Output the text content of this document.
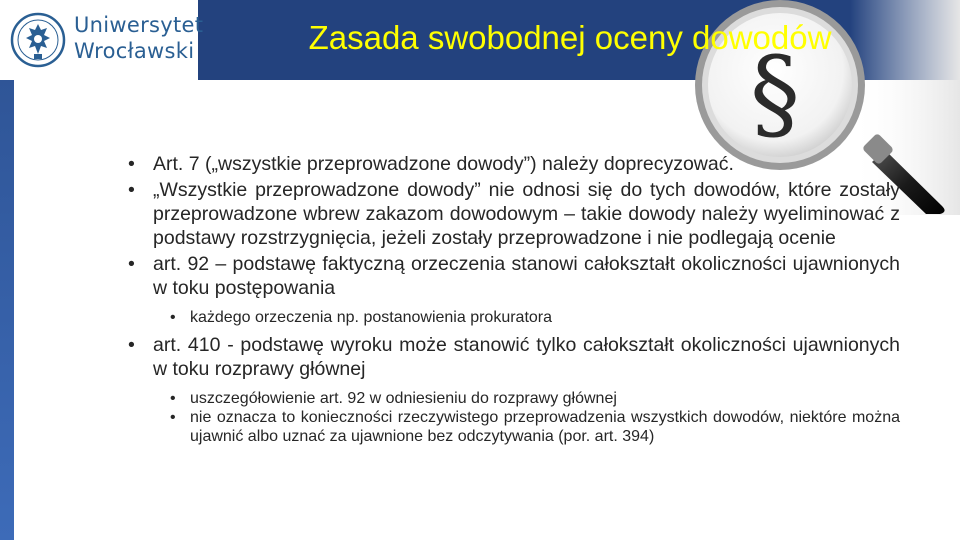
Uniwersytet
Wrocławski	§
Zasada swobodnej oceny dowodów
• Art. 7 („wszystkie przeprowadzone dowody”) należy doprecyzować.
• „Wszystkie przeprowadzone dowody” nie odnosi się do tych dowodów, które zostały przeprowadzone wbrew zakazom dowodowym – takie dowody należy wyeliminować z podstawy rozstrzygnięcia, jeżeli zostały przeprowadzone i nie podlegają ocenie
• art. 92 – podstawę faktyczną orzeczenia stanowi całokształt okoliczności ujawnionych w toku postępowania
• każdego orzeczenia np. postanowienia prokuratora
• art. 410 - podstawę wyroku może stanowić tylko całokształt okoliczności ujawnionych w toku rozprawy głównej
• uszczegółowienie art. 92 w odniesieniu do rozprawy głównej
• nie oznacza to konieczności rzeczywistego przeprowadzenia wszystkich dowodów, niektóre można ujawnić albo uznać za ujawnione bez odczytywania (por. art. 394)
